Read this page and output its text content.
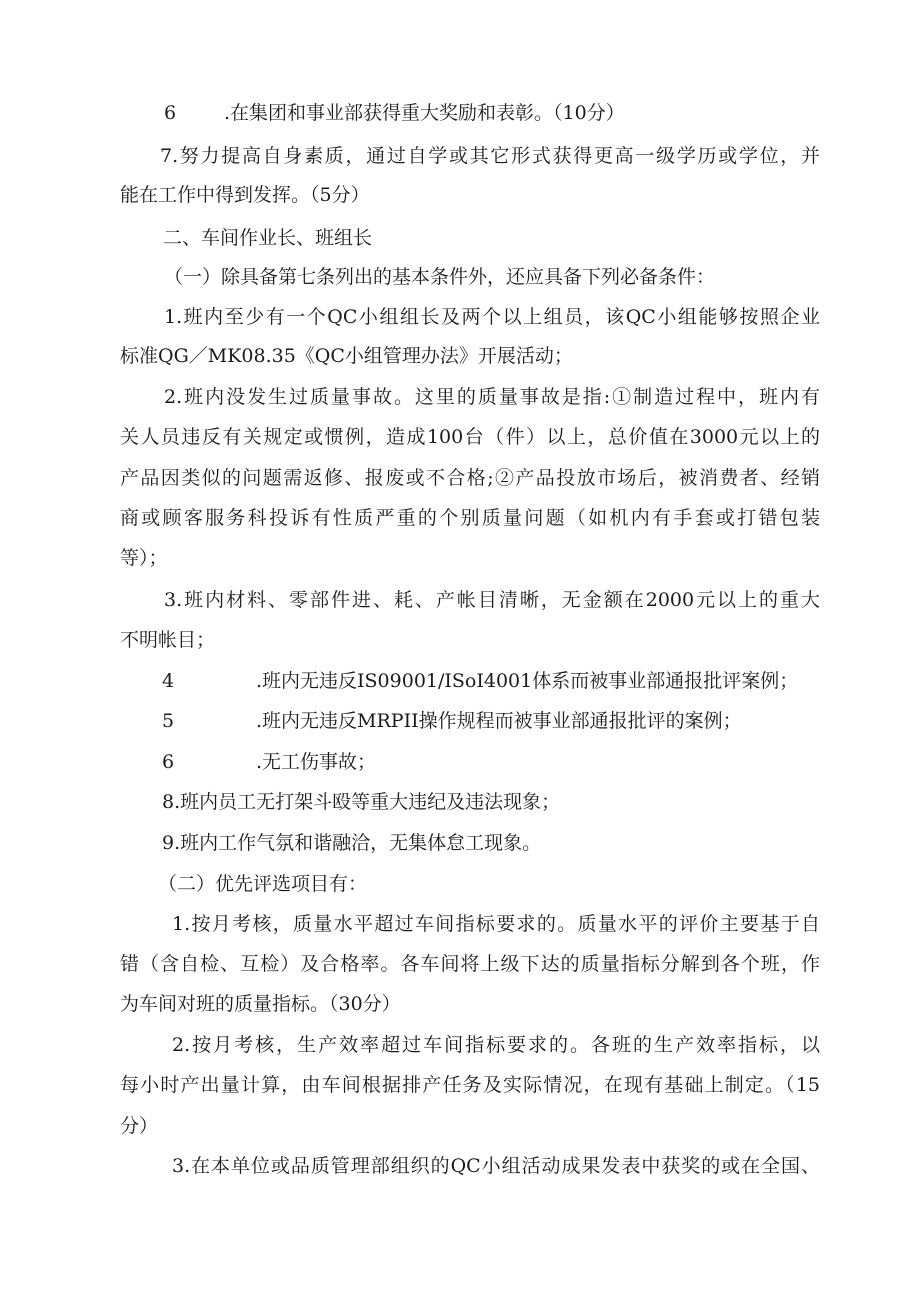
6	.在集团和事业部获得重大奖励和表彰。（10分）
7.努力提高自身素质，通过自学或其它形式获得更高一级学历或学位，并
能在工作中得到发挥。（5分）
二、车间作业长、班组长
（一）除具备第七条列出的基本条件外，还应具备下列必备条件：
1.班内至少有一个QC小组组长及两个以上组员，该QC小组能够按照企业
标准QG／MK08.35《QC小组管理办法》开展活动；
2.班内没发生过质量事故。这里的质量事故是指:①制造过程中，班内有
关人员违反有关规定或惯例，造成100台（件）以上，总价值在3000元以上的
产品因类似的问题需返修、报废或不合格;②产品投放市场后，被消费者、经销
商或顾客服务科投诉有性质严重的个别质量问题（如机内有手套或打错包装
等）；
3.班内材料、零部件进、耗、产帐目清晰，无金额在2000元以上的重大
不明帐目；
4	.班内无违反IS09001/ISoI4001体系而被事业部通报批评案例；
5	.班内无违反MRPII操作规程而被事业部通报批评的案例；
6	.无工伤事故；
8.班内员工无打架斗殴等重大违纪及违法现象；
9.班内工作气氛和谐融洽，无集体怠工现象。
（二）优先评选项目有：
1.按月考核，质量水平超过车间指标要求的。质量水平的评价主要基于自
错（含自检、互检）及合格率。各车间将上级下达的质量指标分解到各个班，作
为车间对班的质量指标。（30分）
2.按月考核，生产效率超过车间指标要求的。各班的生产效率指标，以
每小时产出量计算，由车间根据排产任务及实际情况，在现有基础上制定。（15
分）
3.在本单位或品质管理部组织的QC小组活动成果发表中获奖的或在全国、
